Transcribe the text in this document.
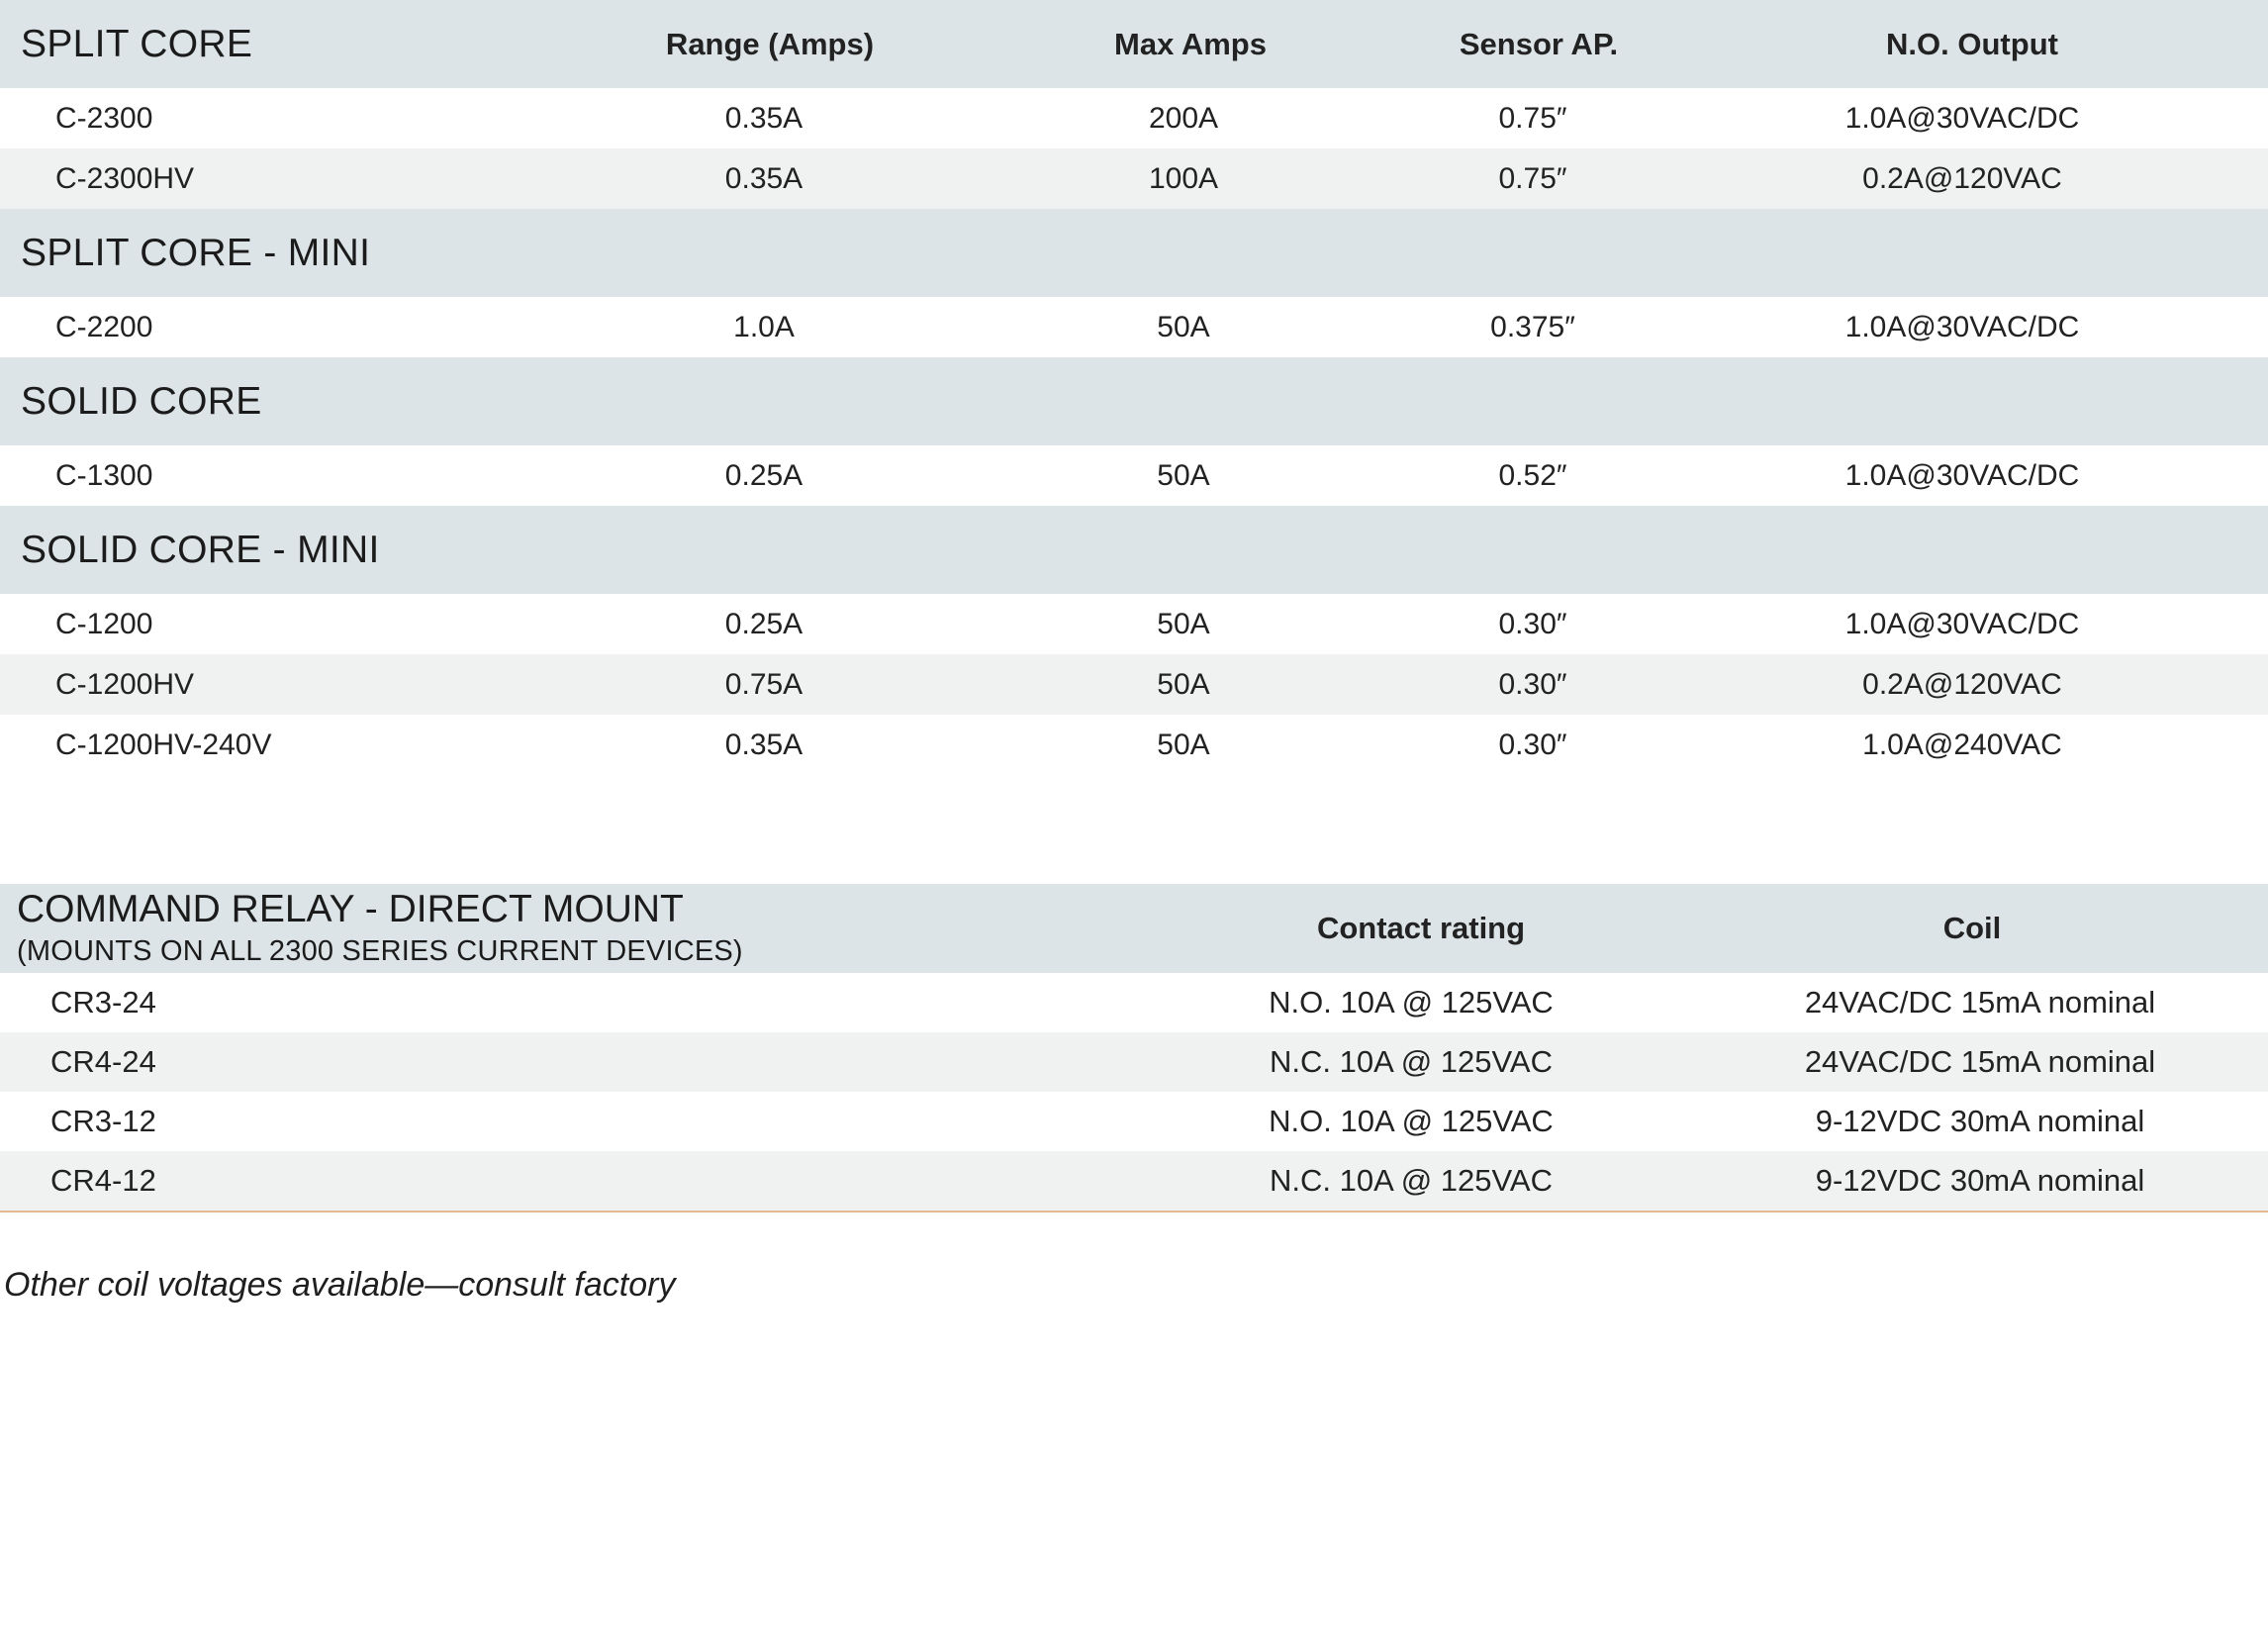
SPLIT CORE	Range (Amps)	Max Amps	Sensor AP.	N.O. Output
C-2300	0.35A	200A	0.75″	1.0A@30VAC/DC
C-2300HV	0.35A	100A	0.75″	0.2A@120VAC
SPLIT CORE - MINI
C-2200	1.0A	50A	0.375″	1.0A@30VAC/DC
SOLID CORE
C-1300	0.25A	50A	0.52″	1.0A@30VAC/DC
SOLID CORE - MINI
C-1200	0.25A	50A	0.30″	1.0A@30VAC/DC
C-1200HV	0.75A	50A	0.30″	0.2A@120VAC
C-1200HV-240V	0.35A	50A	0.30″	1.0A@240VAC
COMMAND RELAY - DIRECT MOUNT
(MOUNTS ON ALL 2300 SERIES CURRENT DEVICES)
Contact rating	Coil
CR3-24	N.O. 10A @ 125VAC	24VAC/DC 15mA nominal
CR4-24	N.C. 10A @ 125VAC	24VAC/DC 15mA nominal
CR3-12	N.O. 10A @ 125VAC	9-12VDC 30mA nominal
CR4-12	N.C. 10A @ 125VAC	9-12VDC 30mA nominal
Other coil voltages available—consult factory
